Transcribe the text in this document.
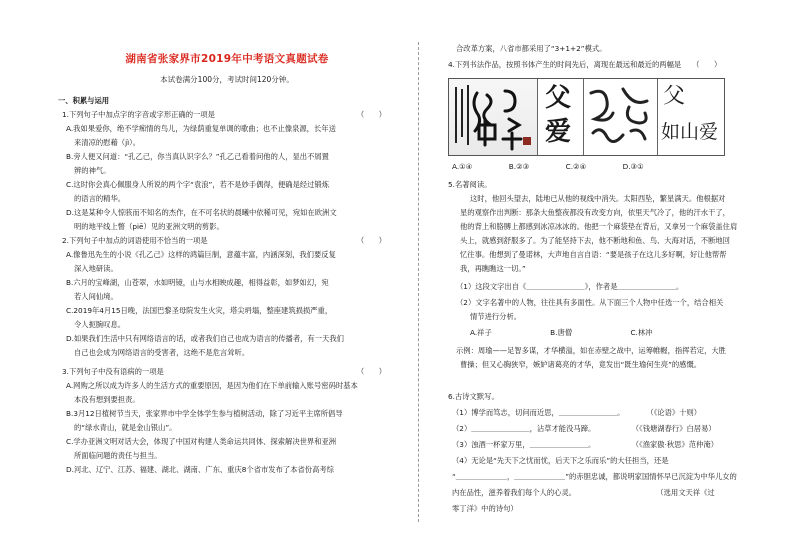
湖南省张家界市2019年中考语文真题试卷
本试卷满分100分，考试时间120分钟。
一、积累与运用
1.下列句子中加点字的字音或字形正确的一项是	（　　）
A.我如果爱你，绝不学痴情的鸟儿，为绿荫重复单调的歌曲；也不止像泉源，长年送
来清凉的慰藉（jì）。
B.旁人便又问道：“孔乙己，你当真认识字么？”孔乙己看着问他的人，显出不屑置
辨的神气。
C.这时你会真心佩服身人所说的两个字“袁浪”，若不是妙手偶得，便确是经过锻炼
的语言的精华。
D.这是某种令人惊骇而不知名的杰作，在不可名状的晨曦中依稀可见，宛如在欧洲文
明的地平线上瞥（piē）见的亚洲文明的剪影。
2.下列句子中加点的词语使用不恰当的一项是	（　　）
A.像鲁迅先生的小说《孔乙己》这样的鸿篇巨制，意蕴丰富，内涵深刻，我们要反复
深入地研读。
B.六月的宝峰湖，山苍翠，水如明镜，山与水相映成趣，相得益彰，如梦如幻，宛
若人间仙境。
C.2019年4月15日晚，法国巴黎圣母院发生火灾，塔尖坍塌，整座建筑损损严重，
令人扼腕叹息。
D.如果我们生活中只有网络语言的话，或者我们自己也成为语言的传播者，有一天我们
自己也会成为网络语言的受害者，这绝不是危言耸听。
3.下列句子中没有语病的一项是	（　　）
A.网购之所以成为许多人的生活方式的重要原因，是因为他们在下单前输入账号密码时基本
本没有想到要担责。
B.3月12日植树节当天，张家界市中学全体学生参与植树活动，除了习近平主席所倡导
的“绿水青山，就是金山银山”。
C.学办亚洲文明对话大会，体现了中国对构建人类命运共同体、探索解决世界和亚洲
所面临问题的责任与担当。
D.河北、辽宁、江苏、福建、湖北、湖南、广东、重庆8个省市发布了本省份高考综
合改革方案，八省市都采用了“3+1+2”模式。
4.下列书法作品，按照书体产生的时间先后，离现在最远和最近的两幅是　　（　　）
父
爱
父
如山爱
A.①④　　　　　B.②③　　　　　C.②④　　　　　D.③①
5.名著阅读。
这时，他回头望去，陆地已从他的视线中消失。太阳西坠，繁星满天。他根据对
星的观察作出判断：那条大鱼整夜都没有改变方向，依里天气冷了，他的汗水干了，
他的背上和胳膊上都感到冰凉冰冰的。他把一个麻袋垫在背后，又拿另一个麻袋盖住肩
头上，就感到舒服多了。为了能坚持下去，他不断地和鱼、鸟、大海对话，不断地回
忆往事。他想到了曼诺林，大声地自言自语：“要是孩子在这儿多好啊，好让他帮帮
我，再瞧瞧这一切。”
（1）这段文字出自《＿＿＿＿＿＿＿＿》，作者是＿＿＿＿＿＿＿＿。
（2）文字名著中的人物，往往具有多面性。从下面三个人物中任选一个，结合相关
情节进行分析。
A.祥子　　　　　　　　B.唐僧　　　　　　　　C.林冲
示例：周瑜——足智多谋，才华横溢，如在赤壁之战中，运筹帷幄，指挥若定，大胜
曹操；但又心胸狭窄，嫉妒诸葛亮的才华，竟发出“既生瑜何生亮”的感慨。
6.古诗文默写。
（1）博学而笃志，切问而近思，＿＿＿＿＿＿＿＿。　　　　（《论语》十则）
（2）＿＿＿＿＿＿＿＿，沾草才能没马蹄。　　　　　　（《钱塘湖春行》白居易）
（3）浊酒一杯家万里，＿＿＿＿＿＿＿＿。　　　　　　（《渔家傲·秋思》范仲淹）
（4）无论是“先天下之忧而忧，后天下之乐而乐”的大任担当，还是
“＿＿＿＿＿＿＿，＿＿＿＿＿＿＿”的赤胆忠诚，都说明家国情怀早已沉淀为中华儿女的
内在品性，滋养着我们每个人的心灵。　　　　　　　　　　　　（选用文天祥《过
零丁洋》中的诗句）
